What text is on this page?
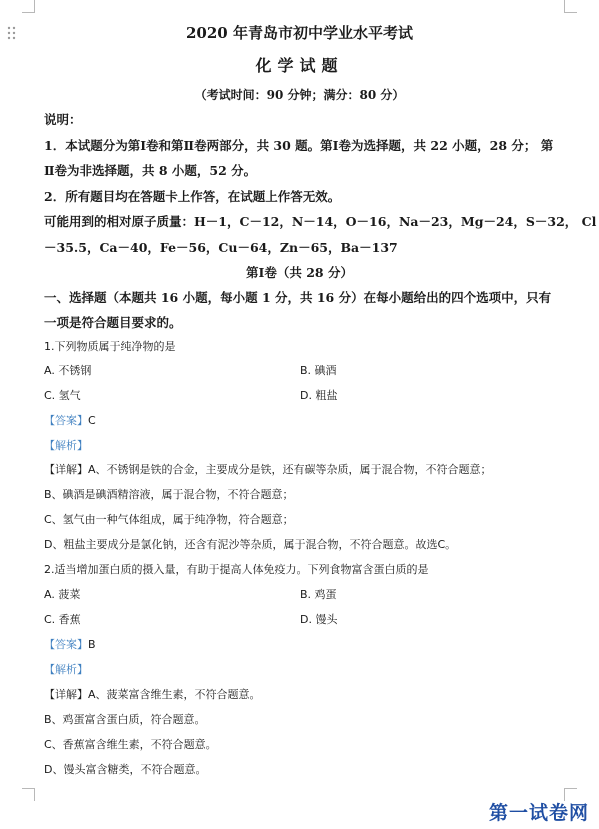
2020 年青岛市初中学业水平考试
化学试题
（考试时间：90 分钟；满分：80 分）
说明：
1．本试题分为第Ⅰ卷和第Ⅱ卷两部分，共 30 题。第Ⅰ卷为选择题，共 22 小题，28 分； 第
Ⅱ卷为非选择题，共 8 小题，52 分。
2．所有题目均在答题卡上作答，在试题上作答无效。
可能用到的相对原子质量：H－1，C－12，N－14，O－16，Na－23，Mg－24，S－32， Cl
－35.5，Ca－40，Fe－56，Cu－64，Zn－65，Ba－137
第Ⅰ卷（共 28 分）
一、选择题（本题共 16 小题，每小题 1 分，共 16 分）在每小题给出的四个选项中，只有
一项是符合题目要求的。
1.下列物质属于纯净物的是
A. 不锈钢	B. 碘酒
C. 氢气	D. 粗盐
【答案】C
【解析】
【详解】A、不锈钢是铁的合金，主要成分是铁，还有碳等杂质，属于混合物，不符合题意；
B、碘酒是碘酒精溶液，属于混合物，不符合题意；
C、氢气由一种气体组成，属于纯净物，符合题意；
D、粗盐主要成分是氯化钠，还含有泥沙等杂质，属于混合物，不符合题意。故选C。
2.适当增加蛋白质的摄入量，有助于提高人体免疫力。下列食物富含蛋白质的是
A. 菠菜	B. 鸡蛋
C. 香蕉	D. 馒头
【答案】B
【解析】
【详解】A、菠菜富含维生素，不符合题意。
B、鸡蛋富含蛋白质，符合题意。
C、香蕉富含维生素，不符合题意。
D、馒头富含糖类，不符合题意。
第一试卷网
